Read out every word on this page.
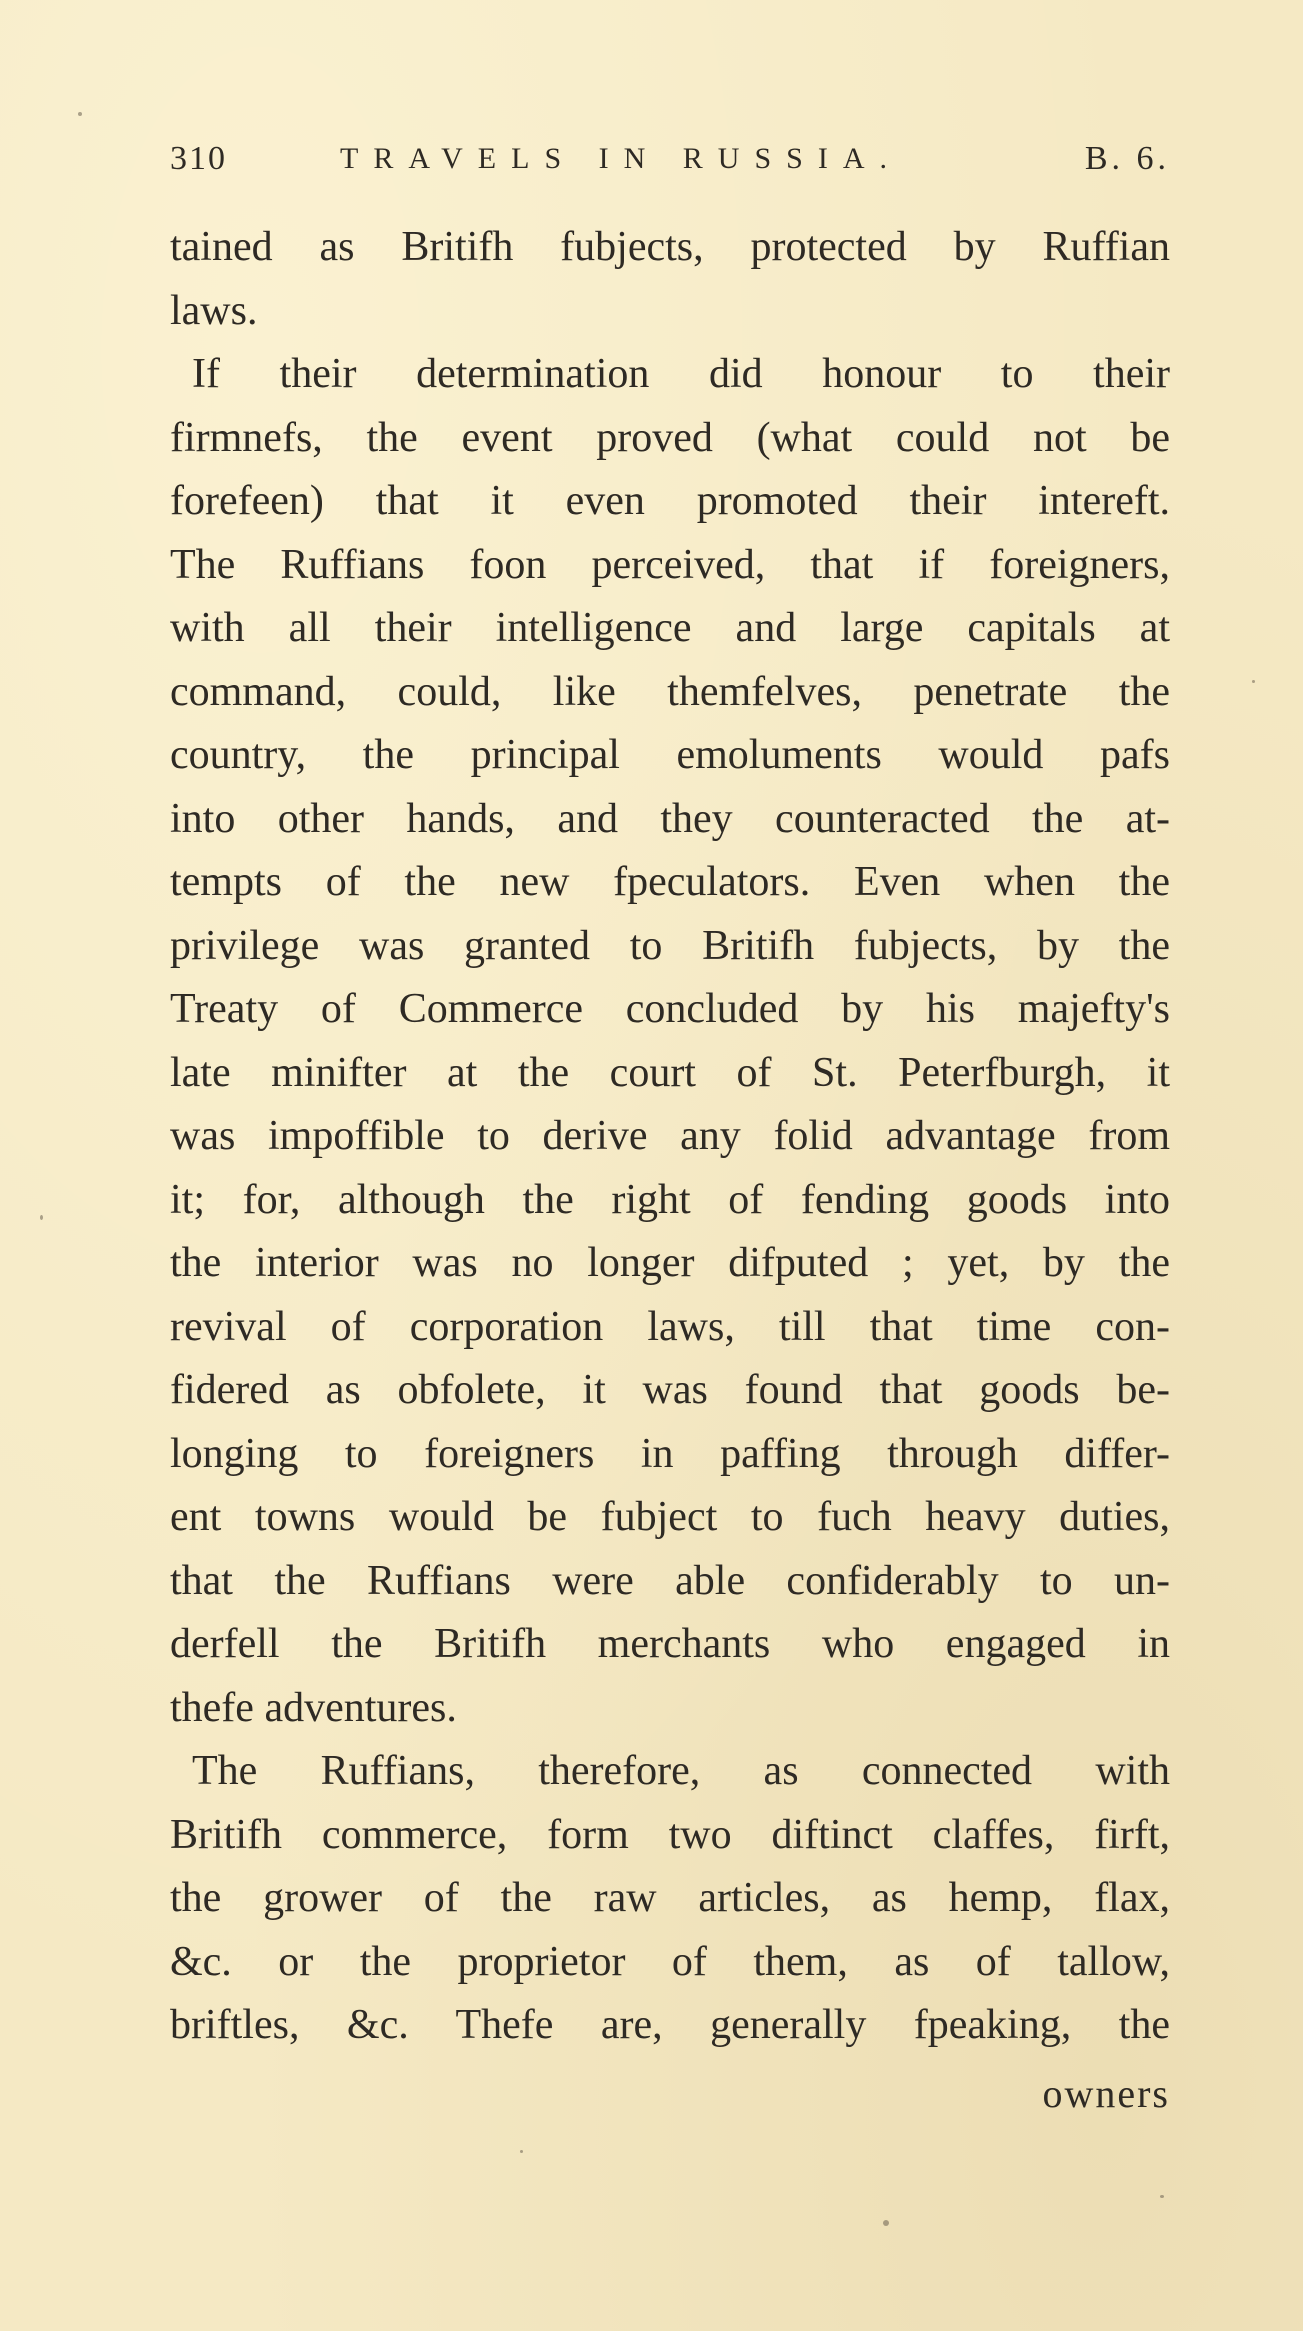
310	TRAVELS IN RUSSIA.	B. 6.
tained as Britifh fubjects, protected by Ruffian
laws.
If their determination did honour to their
firmnefs, the event proved (what could not be
forefeen) that it even promoted their intereft.
The Ruffians foon perceived, that if foreigners,
with all their intelligence and large capitals at
command, could, like themfelves, penetrate the
country, the principal emoluments would pafs
into other hands, and they counteracted the at-
tempts of the new fpeculators. Even when the
privilege was granted to Britifh fubjects, by the
Treaty of Commerce concluded by his majefty's
late minifter at the court of St. Peterfburgh, it
was impoffible to derive any folid advantage from
it; for, although the right of fending goods into
the interior was no longer difputed ; yet, by the
revival of corporation laws, till that time con-
fidered as obfolete, it was found that goods be-
longing to foreigners in paffing through differ-
ent towns would be fubject to fuch heavy duties,
that the Ruffians were able confiderably to un-
derfell the Britifh merchants who engaged in
thefe adventures.
The Ruffians, therefore, as connected with
Britifh commerce, form two diftinct claffes, firft,
the grower of the raw articles, as hemp, flax,
&c. or the proprietor of them, as of tallow,
briftles, &c. Thefe are, generally fpeaking, the
owners
